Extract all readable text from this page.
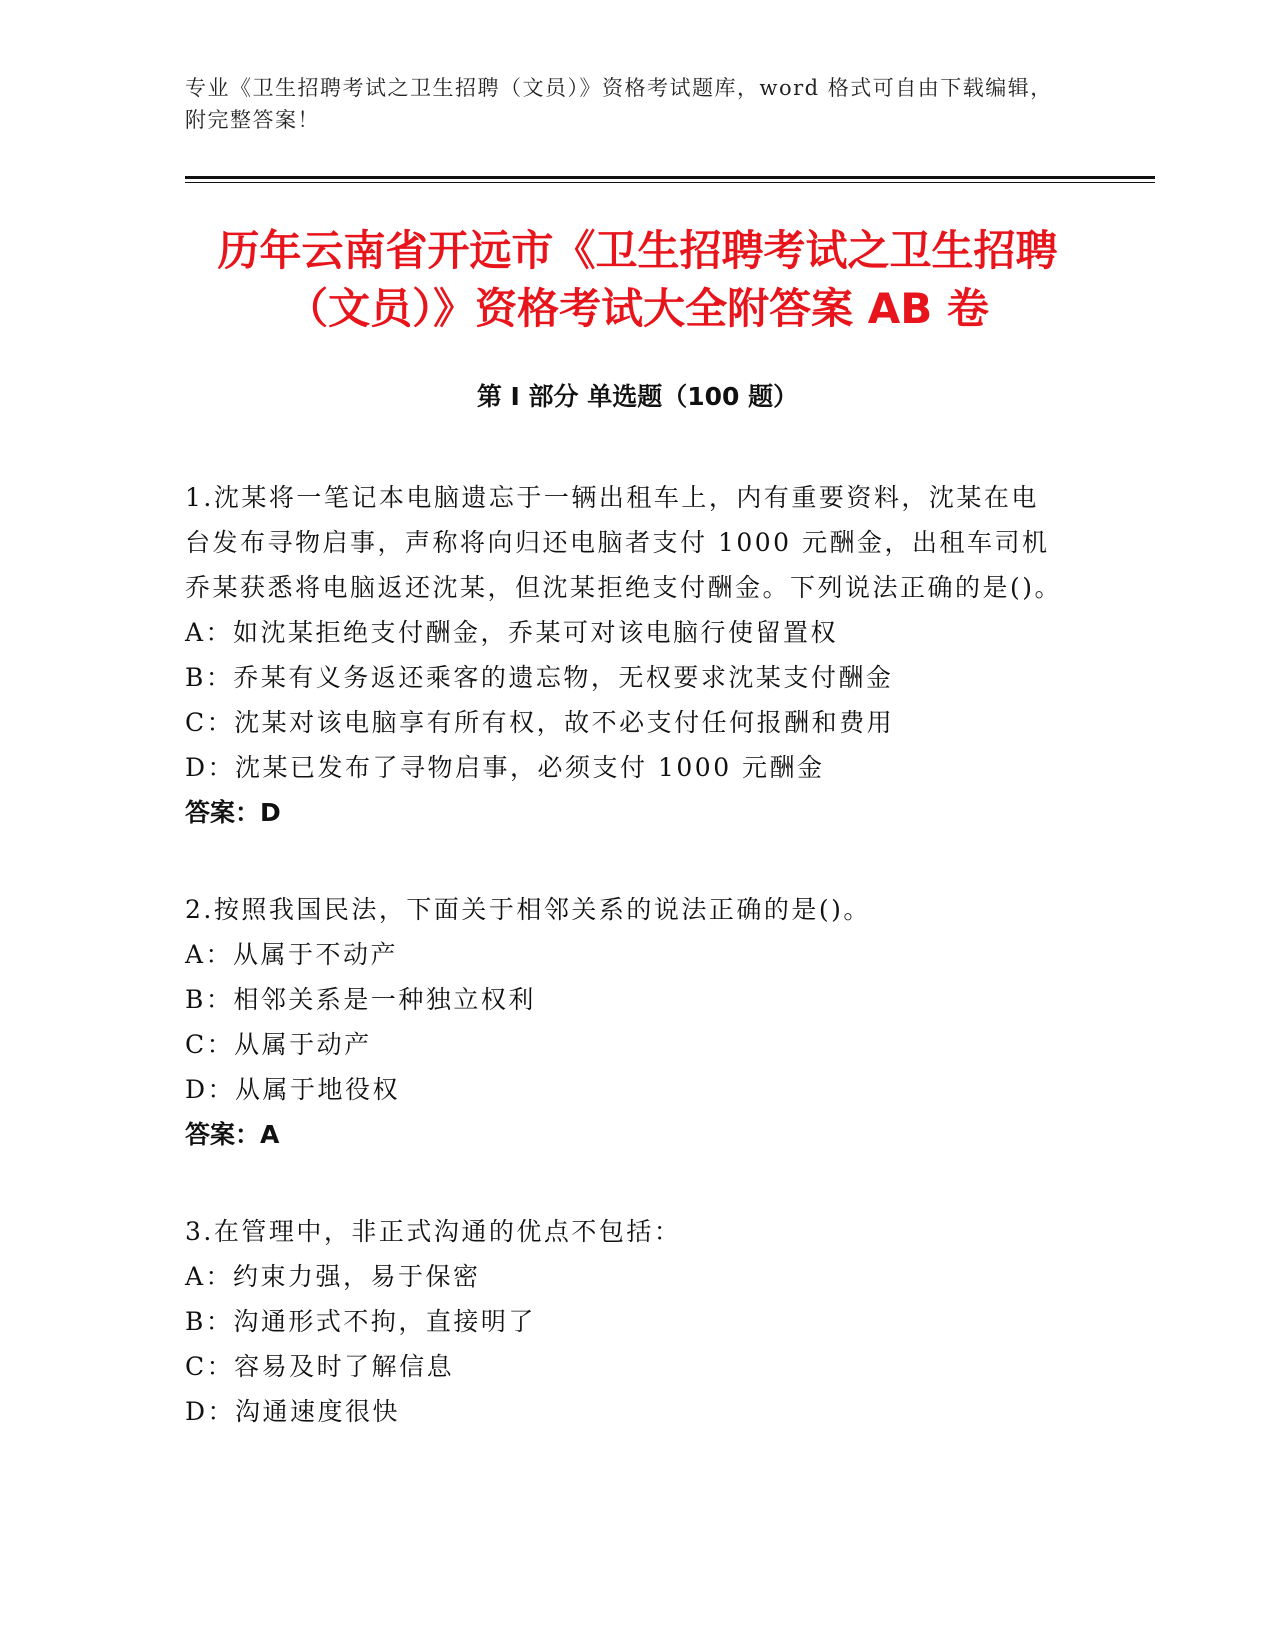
专业《卫生招聘考试之卫生招聘（文员）》资格考试题库，word 格式可自由下载编辑，附完整答案！
历年云南省开远市《卫生招聘考试之卫生招聘（文员）》资格考试大全附答案 AB 卷
第 I 部分 单选题（100 题）
1.沈某将一笔记本电脑遗忘于一辆出租车上，内有重要资料，沈某在电台发布寻物启事，声称将向归还电脑者支付 1000 元酬金，出租车司机乔某获悉将电脑返还沈某，但沈某拒绝支付酬金。下列说法正确的是()。
A：如沈某拒绝支付酬金，乔某可对该电脑行使留置权
B：乔某有义务返还乘客的遗忘物，无权要求沈某支付酬金
C：沈某对该电脑享有所有权，故不必支付任何报酬和费用
D：沈某已发布了寻物启事，必须支付 1000 元酬金
答案：D
2.按照我国民法，下面关于相邻关系的说法正确的是()。
A：从属于不动产
B：相邻关系是一种独立权利
C：从属于动产
D：从属于地役权
答案：A
3.在管理中，非正式沟通的优点不包括：
A：约束力强，易于保密
B：沟通形式不拘，直接明了
C：容易及时了解信息
D：沟通速度很快
